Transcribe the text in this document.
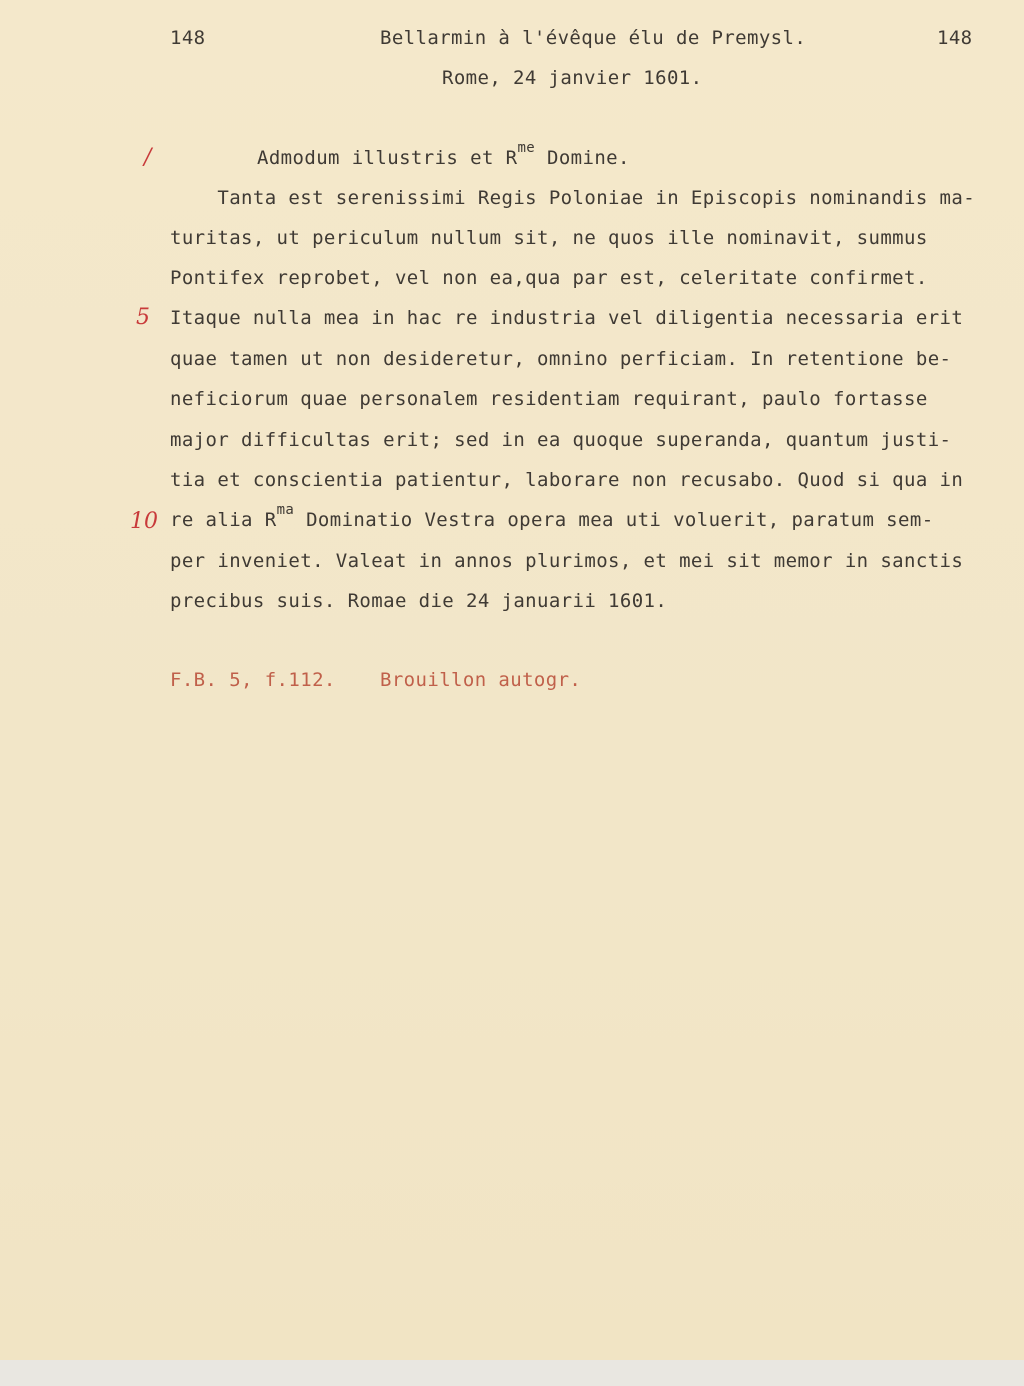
148	Bellarmin à l'évêque élu de Premysl.	148
Rome, 24 janvier 1601.
/
5
10
Admodum illustris et $R^{me}$ Domine.
Tanta est serenissimi Regis Poloniae in Episcopis nominandis ma-
turitas, ut periculum nullum sit, ne quos ille nominavit, summus
Pontifex reprobet, vel non ea,qua par est, celeritate confirmet.
Itaque nulla mea in hac re industria vel diligentia necessaria erit
quae tamen ut non desideretur, omnino perficiam. In retentione be-
neficiorum quae personalem residentiam requirant, paulo fortasse
major difficultas erit; sed in ea quoque superanda, quantum justi-
tia et conscientia patientur, laborare non recusabo. Quod si qua in
re alia $R^{ma}$ Dominatio Vestra opera mea uti voluerit, paratum sem-
per inveniet. Valeat in annos plurimos, et mei sit memor in sanctis
precibus suis. Romae die 24 januarii 1601.
F.B. 5, f.112. Brouillon autogr.
